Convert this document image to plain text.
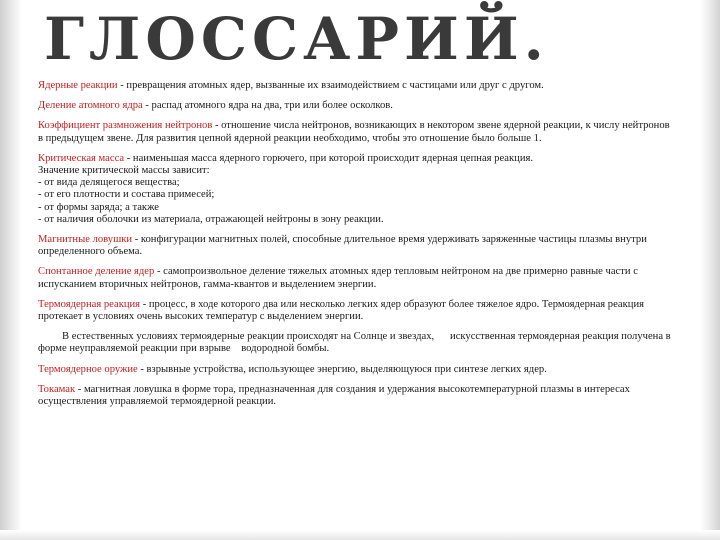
ГЛОССАРИЙ.

Ядерные реакции - превращения атомных ядер, вызванные их взаимодействием с частицами или друг с другом.

Деление атомного ядра - распад атомного ядра на два, три или более осколков.

Коэффициент размножения нейтронов - отношение числа нейтронов, возникающих в некотором звене ядерной реакции, к числу нейтронов в предыдущем звене. Для развития цепной ядерной реакции необходимо, чтобы это отношение было больше 1.

Критическая масса - наименьшая масса ядерного горючего, при которой происходит ядерная цепная реакция.

Значение критической массы зависит:

- от вида делящегося вещества;

- от его плотности и состава примесей;

- от формы заряда; а также

- от наличия оболочки из материала, отражающей нейтроны в зону реакции.

Магнитные ловушки - конфигурации магнитных полей, способные длительное время удерживать заряженные частицы плазмы внутри определенного объема.

Спонтанное деление ядер - самопроизвольное деление тяжелых атомных ядер тепловым нейтроном на две примерно равные части с испусканием вторичных нейтронов, гамма-квантов и выделением энергии.

Термоядерная реакция - процесс, в ходе которого два или несколько легких ядер образуют более тяжелое ядро. Термоядерная реакция протекает в условиях очень высоких температур с выделением энергии.

В естественных условиях термоядерные реакции происходят на Солнце и звездах,      искусственная термоядерная реакция получена в форме неуправляемой реакции при взрыве    водородной бомбы.

Термоядерное оружие - взрывные устройства, использующее энергию, выделяющуюся при синтезе легких ядер.

Токамак - магнитная ловушка в форме тора, предназначенная для создания и удержания высокотемпературной плазмы в интересах осуществления управляемой термоядерной реакции.
